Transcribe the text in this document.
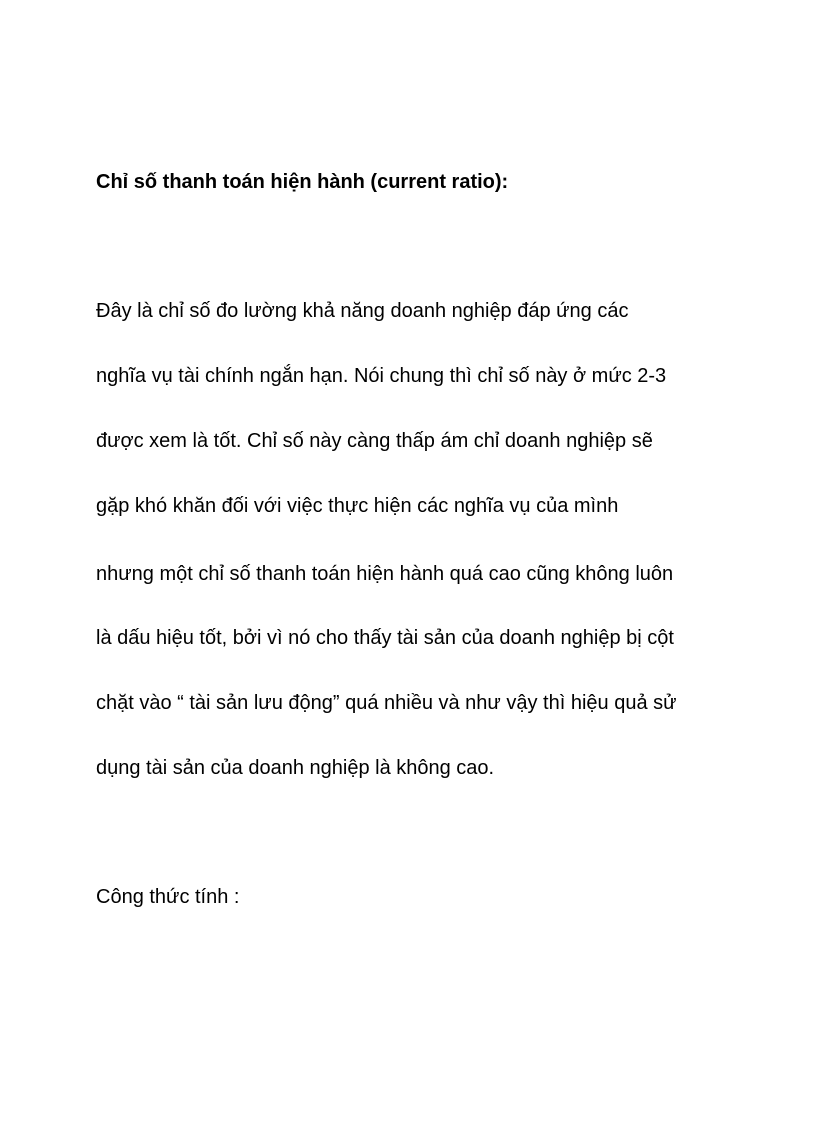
Chỉ số thanh toán hiện hành (current ratio):
Đây là chỉ số đo lường khả năng doanh nghiệp đáp ứng các
nghĩa vụ tài chính ngắn hạn. Nói chung thì chỉ số này ở mức 2-3
được xem là tốt. Chỉ số này càng thấp ám chỉ doanh nghiệp sẽ
gặp khó khăn đối với việc thực hiện các nghĩa vụ của mình
nhưng một chỉ số thanh toán hiện hành quá cao cũng không luôn
là dấu hiệu tốt, bởi vì nó cho thấy tài sản của doanh nghiệp bị cột
chặt vào “ tài sản lưu động” quá nhiều và như vậy thì hiệu quả sử
dụng tài sản của doanh nghiệp là không cao.
Công thức tính :
